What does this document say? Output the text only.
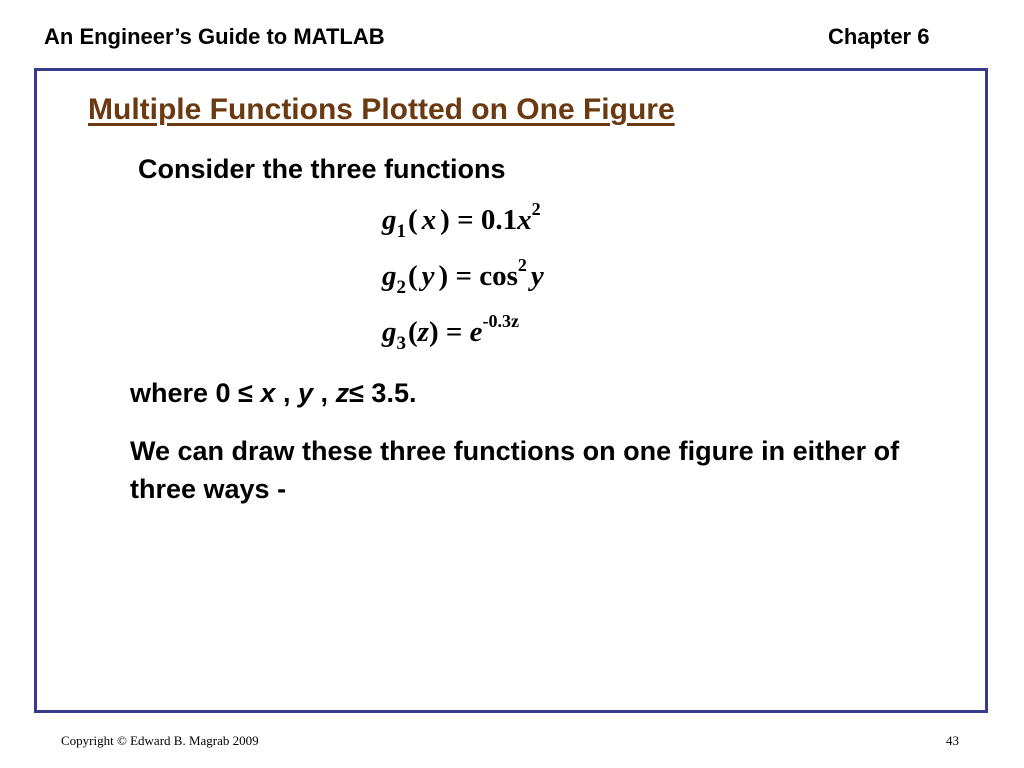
An Engineer’s Guide to MATLAB	Chapter 6
Multiple Functions Plotted on One Figure
Consider the three functions
$g_1$( x ) = $0.1x^2$
$g_2$( y ) = $\cos^2 y$
$g_3(z) = e^{-0.3z}$
where 0 ≤ x , y , z≤ 3.5.
We can draw these three functions on one figure in either of three ways -
Copyright © Edward B. Magrab 2009	43
